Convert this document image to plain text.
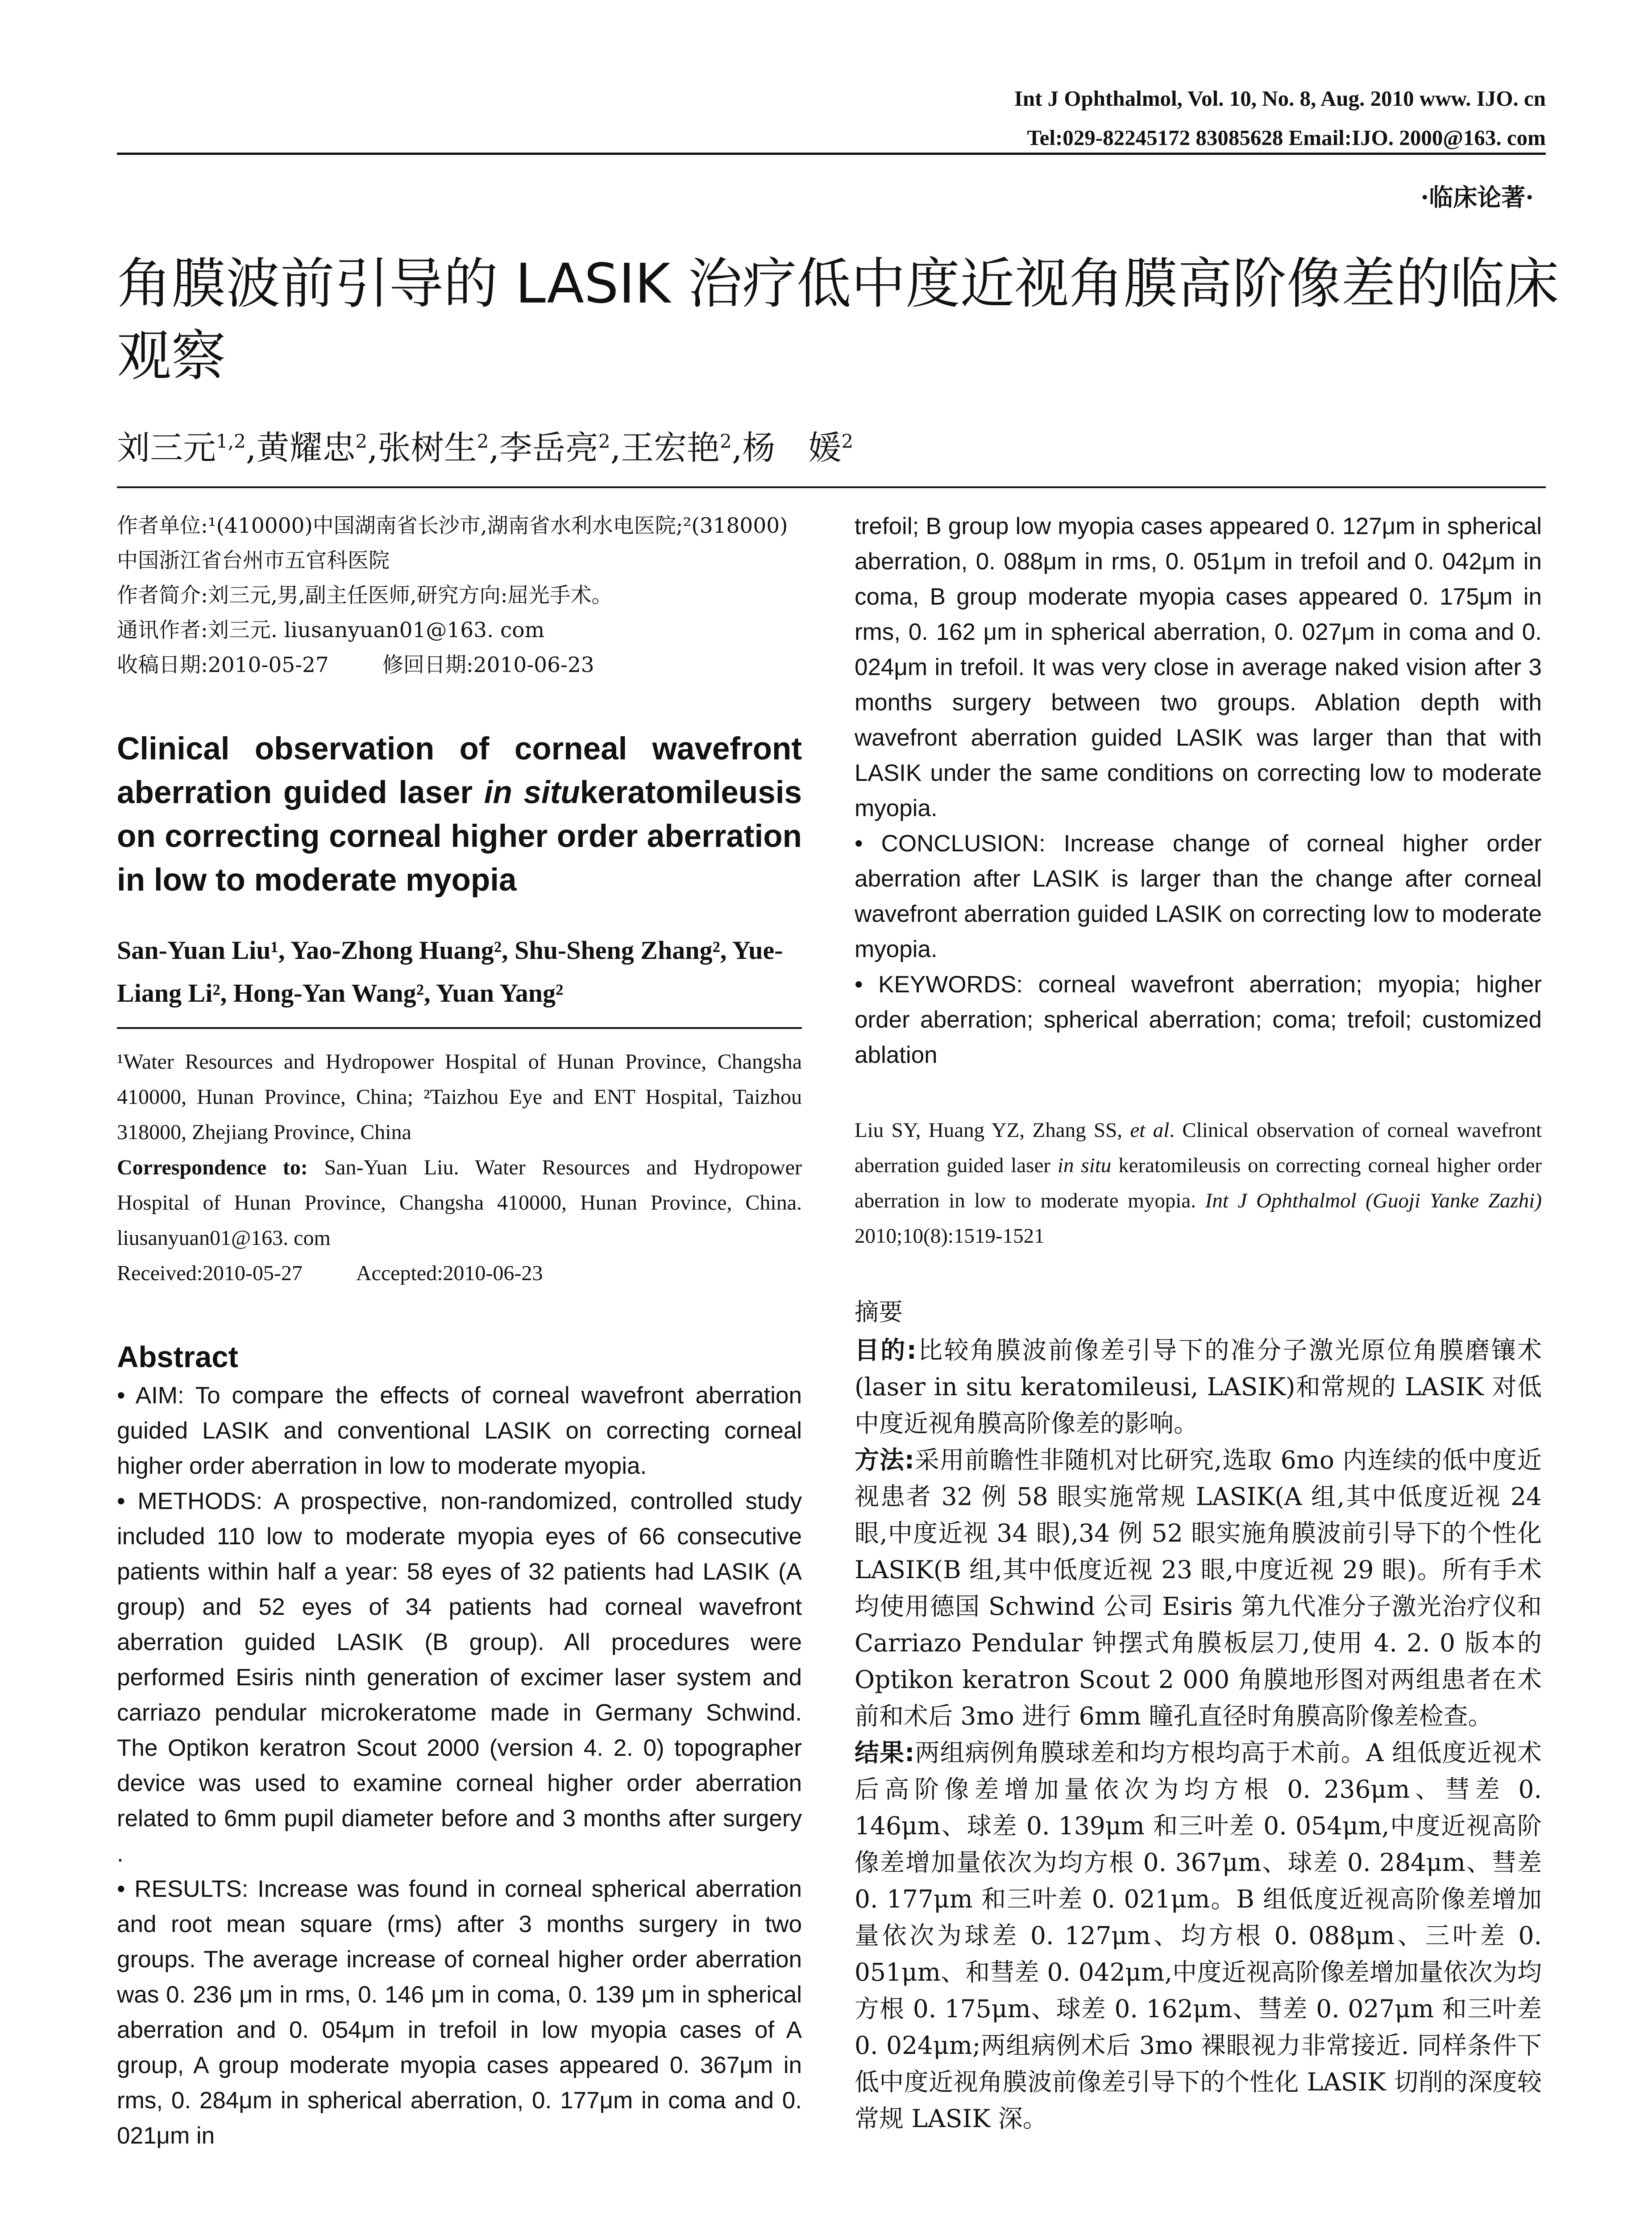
Int J Ophthalmol, Vol. 10, No. 8, Aug. 2010 www. IJO. cn
Tel:029-82245172 83085628 Email:IJO. 2000@163. com
·临床论著·
角膜波前引导的 LASIK 治疗低中度近视角膜高阶像差的临床观察
刘三元$^{1,2}$,黄耀忠$^2$,张树生$^2$,李岳亮$^2$,王宏艳$^2$,杨　媛$^2$

作者单位:¹(410000)中国湖南省长沙市,湖南省水利水电医院;²(318000)中国浙江省台州市五官科医院

作者简介:刘三元,男,副主任医师,研究方向:屈光手术。

通讯作者:刘三元. liusanyuan01@163. com

收稿日期:2010-05-27	修回日期:2010-06-23

Clinical observation of corneal wavefront aberration guided laser in situkeratomileusis on correcting corneal higher order aberration in low to moderate myopia

San-Yuan Liu¹, Yao-Zhong Huang², Shu-Sheng Zhang², Yue-Liang Li², Hong-Yan Wang², Yuan Yang²

¹Water Resources and Hydropower Hospital of Hunan Province, Changsha 410000, Hunan Province, China; ²Taizhou Eye and ENT Hospital, Taizhou 318000, Zhejiang Province, China

Correspondence to: San-Yuan Liu. Water Resources and Hydropower Hospital of Hunan Province, Changsha 410000, Hunan Province, China. liusanyuan01@163. com

Received:2010-05-27	Accepted:2010-06-23

Abstract

• AIM: To compare the effects of corneal wavefront aberration guided LASIK and conventional LASIK on correcting corneal higher order aberration in low to moderate myopia.

• METHODS: A prospective, non-randomized, controlled study included 110 low to moderate myopia eyes of 66 consecutive patients within half a year: 58 eyes of 32 patients had LASIK (A group) and 52 eyes of 34 patients had corneal wavefront aberration guided LASIK (B group). All procedures were performed Esiris ninth generation of excimer laser system and carriazo pendular microkeratome made in Germany Schwind. The Optikon keratron Scout 2000 (version 4. 2. 0) topographer device was used to examine corneal higher order aberration related to 6mm pupil diameter before and 3 months after surgery .

• RESULTS: Increase was found in corneal spherical aberration and root mean square (rms) after 3 months surgery in two groups. The average increase of corneal higher order aberration was 0. 236 μm in rms, 0. 146 μm in coma, 0. 139 μm in spherical aberration and 0. 054μm in trefoil in low myopia cases of A group, A group moderate myopia cases appeared 0. 367μm in rms, 0. 284μm in spherical aberration, 0. 177μm in coma and 0. 021μm in

trefoil; B group low myopia cases appeared 0. 127μm in spherical aberration, 0. 088μm in rms, 0. 051μm in trefoil and 0. 042μm in coma, B group moderate myopia cases appeared 0. 175μm in rms, 0. 162 μm in spherical aberration, 0. 027μm in coma and 0. 024μm in trefoil. It was very close in average naked vision after 3 months surgery between two groups. Ablation depth with wavefront aberration guided LASIK was larger than that with LASIK under the same conditions on correcting low to moderate myopia.

• CONCLUSION: Increase change of corneal higher order aberration after LASIK is larger than the change after corneal wavefront aberration guided LASIK on correcting low to moderate myopia.

• KEYWORDS: corneal wavefront aberration; myopia; higher order aberration; spherical aberration; coma; trefoil; customized ablation

Liu SY, Huang YZ, Zhang SS, et al. Clinical observation of corneal wavefront aberration guided laser in situ keratomileusis on correcting corneal higher order aberration in low to moderate myopia. Int J Ophthalmol (Guoji Yanke Zazhi) 2010;10(8):1519-1521

摘要

目的:比较角膜波前像差引导下的准分子激光原位角膜磨镶术(laser in situ keratomileusi, LASIK)和常规的 LASIK 对低中度近视角膜高阶像差的影响。

方法:采用前瞻性非随机对比研究,选取 6mo 内连续的低中度近视患者 32 例 58 眼实施常规 LASIK(A 组,其中低度近视 24 眼,中度近视 34 眼),34 例 52 眼实施角膜波前引导下的个性化 LASIK(B 组,其中低度近视 23 眼,中度近视 29 眼)。所有手术均使用德国 Schwind 公司 Esiris 第九代准分子激光治疗仪和 Carriazo Pendular 钟摆式角膜板层刀,使用 4. 2. 0 版本的 Optikon keratron Scout 2 000 角膜地形图对两组患者在术前和术后 3mo 进行 6mm 瞳孔直径时角膜高阶像差检查。

结果:两组病例角膜球差和均方根均高于术前。A 组低度近视术后高阶像差增加量依次为均方根 0. 236μm、彗差 0. 146μm、球差 0. 139μm 和三叶差 0. 054μm,中度近视高阶像差增加量依次为均方根 0. 367μm、球差 0. 284μm、彗差 0. 177μm 和三叶差 0. 021μm。B 组低度近视高阶像差增加量依次为球差 0. 127μm、均方根 0. 088μm、三叶差 0. 051μm、和彗差 0. 042μm,中度近视高阶像差增加量依次为均方根 0. 175μm、球差 0. 162μm、彗差 0. 027μm 和三叶差 0. 024μm;两组病例术后 3mo 裸眼视力非常接近. 同样条件下低中度近视角膜波前像差引导下的个性化 LASIK 切削的深度较常规 LASIK 深。
